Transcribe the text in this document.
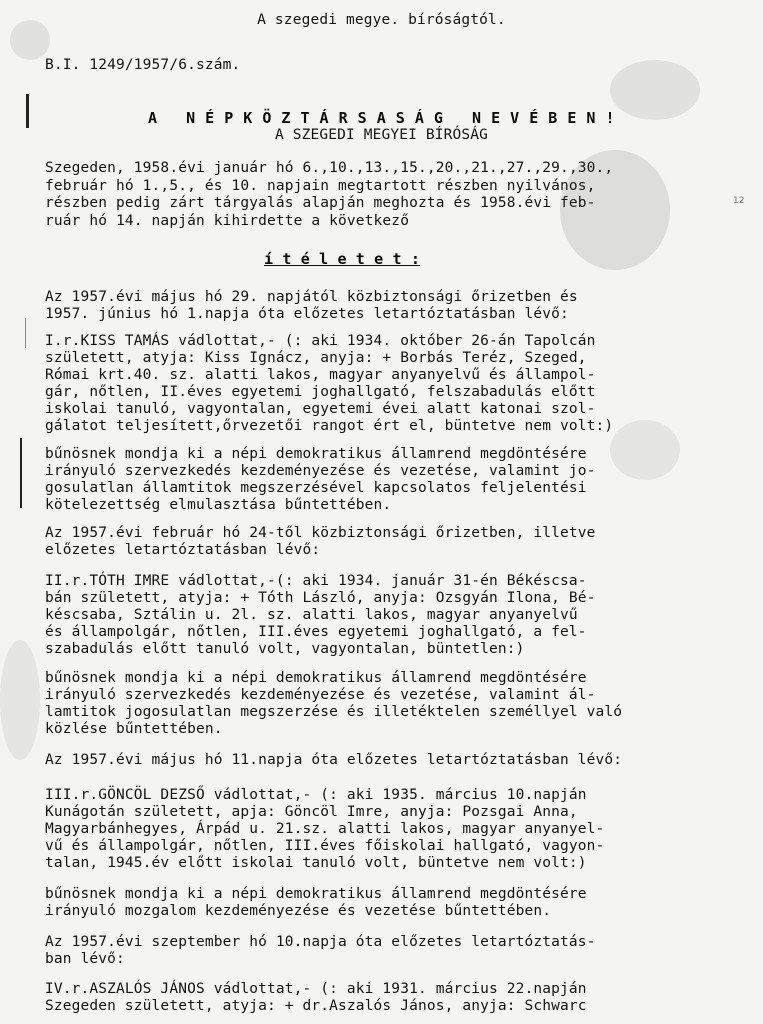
A szegedi megye. bíróságtól.
B.I. 1249/1957/6.szám.
A   N É P K Ö Z T Á R S A S Á G   N E V É B E N !
A SZEGEDI MEGYEI BÍRÓSÁG
Szegeden, 1958.évi január hó 6.,10.,13.,15.,20.,21.,27.,29.,30.,
február hó 1.,5., és 10. napjain megtartott részben nyilvános,
részben pedig zárt tárgyalás alapján meghozta és 1958.évi feb-
ruár hó 14. napján kihirdette a következő
12
í t é l e t e t :
Az 1957.évi május hó 29. napjától közbiztonsági őrizetben és
1957. június hó 1.napja óta előzetes letartóztatásban lévő:
I.r.KISS TAMÁS vádlottat,- (: aki 1934. október 26-án Tapolcán
született, atyja: Kiss Ignácz, anyja: + Borbás Teréz, Szeged,
Római krt.40. sz. alatti lakos, magyar anyanyelvű és állampol-
gár, nőtlen, II.éves egyetemi joghallgató, felszabadulás előtt
iskolai tanuló, vagyontalan, egyetemi évei alatt katonai szol-
gálatot teljesített,őrvezetői rangot ért el, büntetve nem volt:)
bűnösnek mondja ki a népi demokratikus államrend megdöntésére
irányuló szervezkedés kezdeményezése és vezetése, valamint jo-
gosulatlan államtitok megszerzésével kapcsolatos feljelentési
kötelezettség elmulasztása bűntettében.
Az 1957.évi február hó 24-től közbiztonsági őrizetben, illetve
előzetes letartóztatásban lévő:
II.r.TÓTH IMRE vádlottat,-(: aki 1934. január 31-én Békéscsa-
bán született, atyja: + Tóth László, anyja: Ozsgyán Ilona, Bé-
késcsaba, Sztálin u. 2l. sz. alatti lakos, magyar anyanyelvű
és állampolgár, nőtlen, III.éves egyetemi joghallgató, a fel-
szabadulás előtt tanuló volt, vagyontalan, büntetlen:)
bűnösnek mondja ki a népi demokratikus államrend megdöntésére
irányuló szervezkedés kezdeményezése és vezetése, valamint ál-
lamtitok jogosulatlan megszerzése és illetéktelen személlyel való
közlése bűntettében.
Az 1957.évi május hó 11.napja óta előzetes letartóztatásban lévő:
III.r.GÖNCÖL DEZSŐ vádlottat,- (: aki 1935. március 10.napján
Kunágotán született, apja: Göncöl Imre, anyja: Pozsgai Anna,
Magyarbánhegyes, Árpád u. 21.sz. alatti lakos, magyar anyanyel-
vű és állampolgár, nőtlen, III.éves főiskolai hallgató, vagyon-
talan, 1945.év előtt iskolai tanuló volt, büntetve nem volt:)
bűnösnek mondja ki a népi demokratikus államrend megdöntésére
irányuló mozgalom kezdeményezése és vezetése bűntettében.
Az 1957.évi szeptember hó 10.napja óta előzetes letartóztatás-
ban lévő:
IV.r.ASZALÓS JÁNOS vádlottat,- (: aki 1931. március 22.napján
Szegeden született, atyja: + dr.Aszalós János, anyja: Schwarc
